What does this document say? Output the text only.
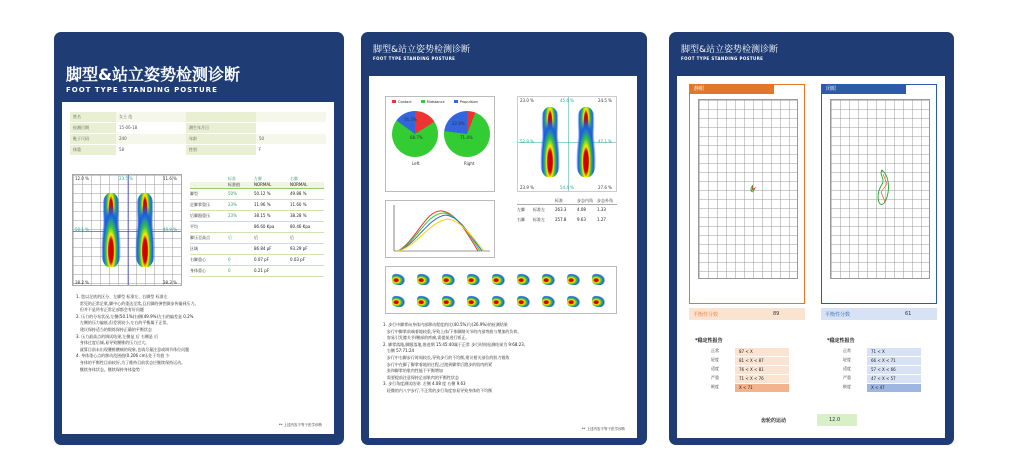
脚型&站立姿势检测诊断
FOOT TYPE STANDING POSTURE
姓名	女士 范
检测日期	15-06-18	测生年月日
鞋子尺码	240	年龄	50
体重	58	性别	F
12.0 %	23.5 %	11.6 %
50.1 %	49.9 %
38.2 %	38.3 %
标准	左脚	右脚
标准值	NORMAL	NORMAL
脚型	50%	50.12 %	49.88 %
足脚掌重压	23%	11.96 %	11.60 %
后脚跟重压	23%	38.15 %	38.28 %
平均	86.60 Kpa	80.46 Kpa
脚压至高点	后	后	后
区域	86.84 pF	93.29 pF
右脚重心	0	0.07 pF	0.03 pF
身体重心	0	0.21 pF
1. 您以足底的区分、左脚型 标准左、右脚型 标准左
常见的正常足肌,脚中心的重达至常,且后脚的弹性脚步传输到压力。
但并不是所有正常足部都会有好问题
2. 压力的分布状况,左侧(50.1%)右侧(49.9%)左右的偏差是 0.2%
左侧的压力偏低,但差别较小,左右的平衡属于正常。
建议保持适当的锻炼保持正确的平衡状态
3. 压力最高点的调试结果,左侧是 后 右侧是 后
身体过度后倾,易导致腰椎的压力过大。
就算目前未出现腰椎酸痛的现象,也请尽量注意或调节体位问题
4. 身体重心点的移动范围值(0.206 cm),处于均值 少
身体的平衡性目前较好,为了维持目前状态应继续保持运动。
继续身体状态。继续保持身体姿势
** 上述内容不等于医学诊断
脚型&站立姿势检测诊断
FOOT TYPE STANDING POSTURE
Contact	Midstance	Propulsion
68.7%
16.3%
71.4%
22.8%
Left	Right
23.0 %	45.6 %	24.5 %
52.9 %	47.1 %
23.9 %	54.4 %	27.6 %
标准	步态内角	步态外角
左脚	标准左	263.3	4.08	1.33
右脚	标准左	257.8	9.63	1.27
1. 步行中脚掌向身体内部移动程度的比(40.5%)与(26.9%)的检测结果
步行中脚掌前端着地较重,导致上体/下体脚踏关节的内部弯曲与增加的负荷。
容易引发膝关节/腰部的疼痛,需提前进行矫正。
2. 脚掌落地,脚跟落地,推进期 15:45:40属于正常 步行时间检测结果为 9:68:23,
右侧 57:71:24
步行中右脚步行时间较长,导致步行的不均衡,建议相关部位的肌力锻炼
步行中在脚了脚掌着地的过程,过渡到脚掌后蹬步的肌肉的紧
张和脚掌的肌肉性能不平衡增加
需要提前注意保持足部肌肉的平衡性状态
3. 步行角度测试结果: 左侧 4.08 度 右侧 9.63
轻微的内八字步行,不正常的步行角度容易导致身体的不均衡
** 上述内容不等于医学诊断
脚型&站立姿势检测诊断
FOOT TYPE STANDING POSTURE
静眼
平衡性分数	89
闭眼
平衡性分数	61
*稳定性报告
正常	87 < X
轻度	81 < X < 87
适度	76 < X < 81
严重	71 < X < 76
极度	X < 71
*稳定性报告
正常	71 < X
轻度	66 < X < 71
适度	57 < X < 66
严重	47 < X < 57
极度	X < 47
齿轮的运动	12.0
